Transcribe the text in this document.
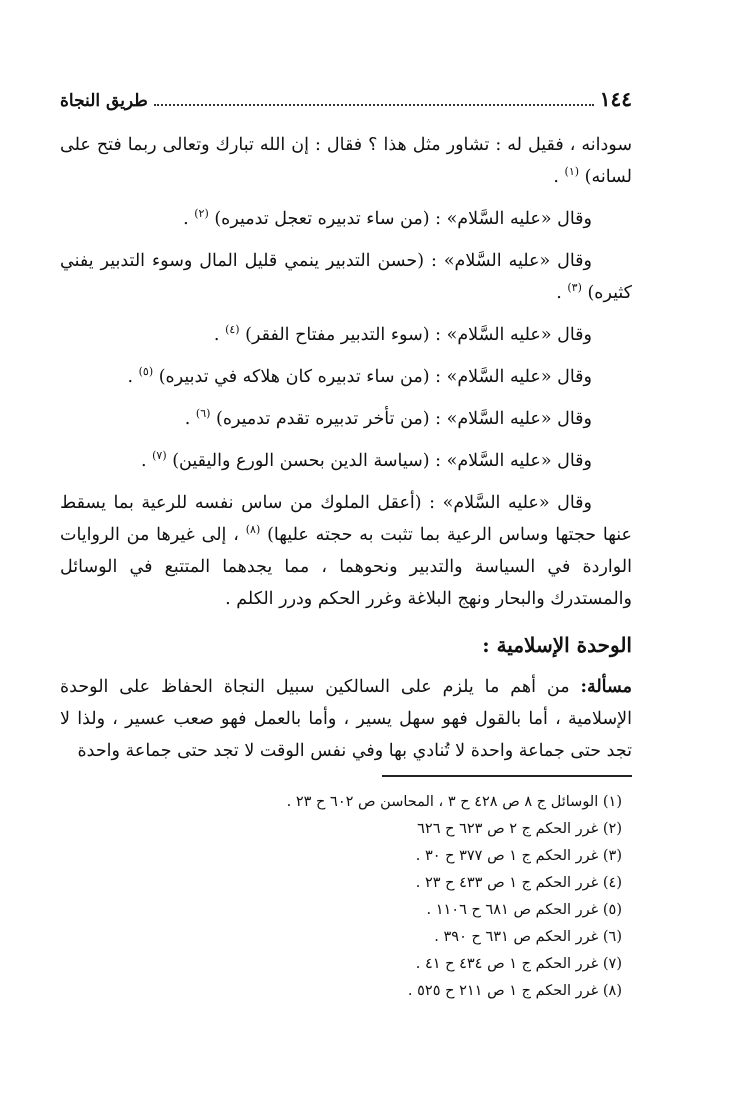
١٤٤
طريق النجاة

سودانه ، فقيل له : تشاور مثل هذا ؟ فقال : إن الله تبارك وتعالى ربما فتح على لسانه) $^{(١)}$ .

وقال «عليه السَّلام» : (من ساء تدبيره تعجل تدميره) $^{(٢)}$ .

وقال «عليه السَّلام» : (حسن التدبير ينمي قليل المال وسوء التدبير يفني كثيره) $^{(٣)}$ .

وقال «عليه السَّلام» : (سوء التدبير مفتاح الفقر) $^{(٤)}$ .

وقال «عليه السَّلام» : (من ساء تدبيره كان هلاكه في تدبيره) $^{(٥)}$ .

وقال «عليه السَّلام» : (من تأخر تدبيره تقدم تدميره) $^{(٦)}$ .

وقال «عليه السَّلام» : (سياسة الدين بحسن الورع واليقين) $^{(٧)}$ .

وقال «عليه السَّلام» : (أعقل الملوك من ساس نفسه للرعية بما يسقط عنها حجتها وساس الرعية بما تثبت به حجته عليها) $^{(٨)}$ ، إلى غيرها من الروايات الواردة في السياسة والتدبير ونحوهما ، مما يجدهما المتتبع في الوسائل والمستدرك والبحار ونهج البلاغة وغرر الحكم ودرر الكلم .

الوحدة الإسلامية :

مسألة: من أهم ما يلزم على السالكين سبيل النجاة الحفاظ على الوحدة الإسلامية ، أما بالقول فهو سهل يسير ، وأما بالعمل فهو صعب عسير ، ولذا لا تجد حتى جماعة واحدة لا تُنادي بها وفي نفس الوقت لا تجد حتى جماعة واحدة

(١) الوسائل ج ٨ ص ٤٢٨ ح ٣ ، المحاسن ص ٦٠٢ ح ٢٣ .

(٢) غرر الحكم ج ٢ ص ٦٢٣ ح ٦٢٦

(٣) غرر الحكم ج ١ ص ٣٧٧ ح ٣٠ .

(٤) غرر الحكم ج ١ ص ٤٣٣ ح ٢٣ .

(٥) غرر الحكم ص ٦٨١ ح ١١٠٦ .

(٦) غرر الحكم ص ٦٣١ ح ٣٩٠ .

(٧) غرر الحكم ج ١ ص ٤٣٤ ح ٤١ .

(٨) غرر الحكم ج ١ ص ٢١١ ح ٥٢٥ .
